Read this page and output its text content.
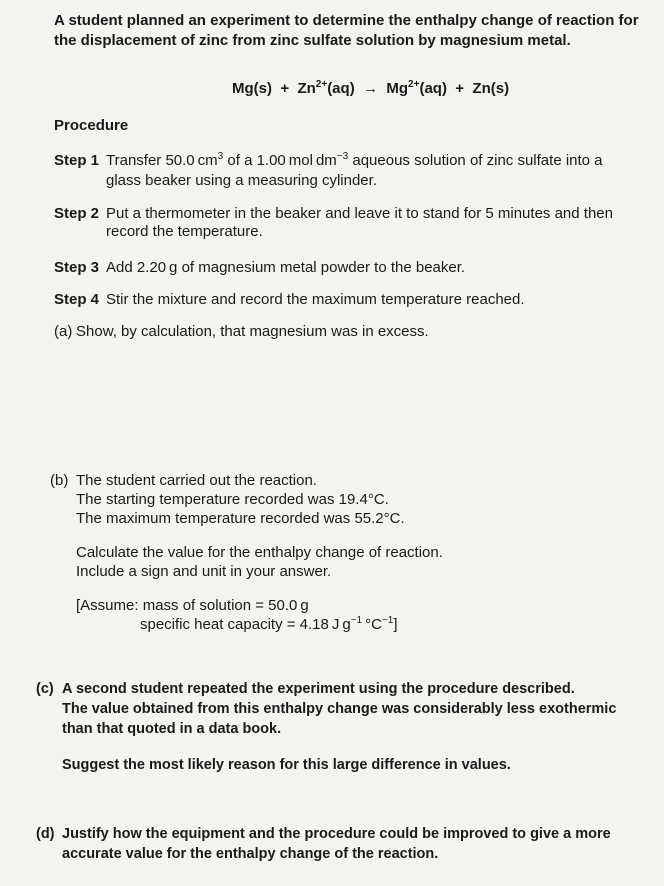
A student planned an experiment to determine the enthalpy change of reaction for
the displacement of zinc from zinc sulfate solution by magnesium metal.
$Mg(s) + Zn^{2+}(aq) \to Mg^{2+}(aq) + Zn(s)$
Procedure
Step 1 Transfer 50.0 $cm^3$ of a 1.00 mol $dm^{-3}$ aqueous solution of zinc sulfate into a
glass beaker using a measuring cylinder.
Step 2 Put a thermometer in the beaker and leave it to stand for 5 minutes and then
record the temperature.
Step 3 Add 2.20 g of magnesium metal powder to the beaker.
Step 4 Stir the mixture and record the maximum temperature reached.
(a) Show, by calculation, that magnesium was in excess.
(b) The student carried out the reaction.
The starting temperature recorded was 19.4°C.
The maximum temperature recorded was 55.2°C.
Calculate the value for the enthalpy change of reaction.
Include a sign and unit in your answer.
[Assume: mass of solution = 50.0 g
specific heat capacity = 4.18 J $g^{-1}$ $^\circ C^{-1}$]
(c) A second student repeated the experiment using the procedure described.
The value obtained from this enthalpy change was considerably less exothermic
than that quoted in a data book.
Suggest the most likely reason for this large difference in values.
(d) Justify how the equipment and the procedure could be improved to give a more
accurate value for the enthalpy change of the reaction.
